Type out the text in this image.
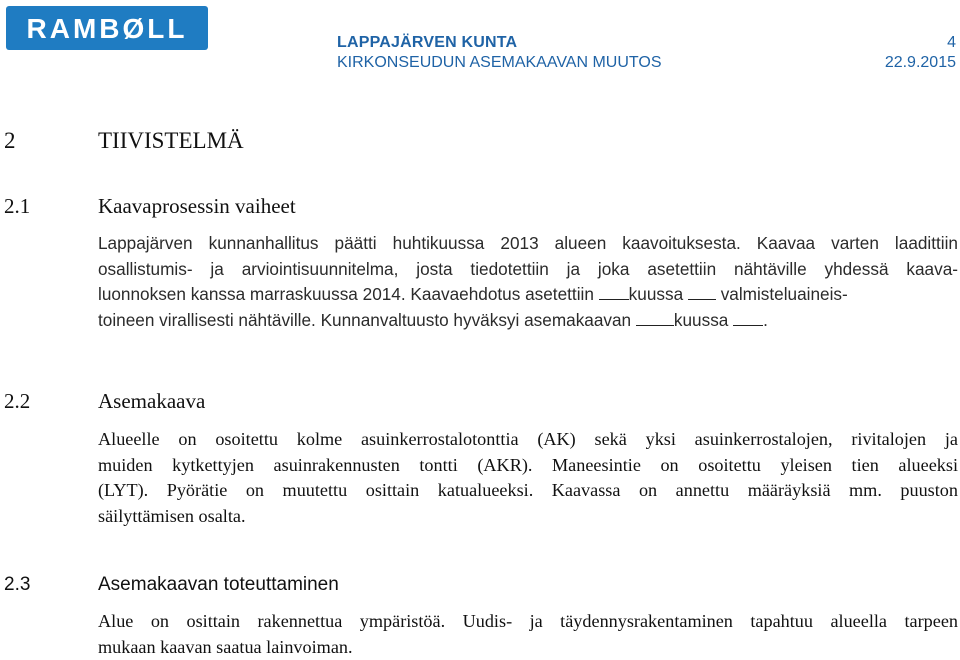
RAMBØLL	LAPPAJÄRVEN KUNTA
KIRKONSEUDUN ASEMAKAAVAN MUUTOS
4
22.9.2015
2	TIIVISTELMÄ
2.1	Kaavaprosessin vaiheet
Lappajärven kunnanhallitus päätti huhtikuussa 2013 alueen kaavoituksesta. Kaavaa varten laadittiin
osallistumis- ja arviointisuunnitelma, josta tiedotettiin ja joka asetettiin nähtäville yhdessä kaava-
luonnoksen kanssa marraskuussa 2014. Kaavaehdotus asetettiin kuussa valmisteluaineis-
toineen virallisesti nähtäville. Kunnanvaltuusto hyväksyi asemakaavan kuussa .
2.2	Asemakaava
Alueelle on osoitettu kolme asuinkerrostalotonttia (AK) sekä yksi asuinkerrostalojen, rivitalojen ja
muiden kytkettyjen asuinrakennusten tontti (AKR). Maneesintie on osoitettu yleisen tien alueeksi
(LYT). Pyörätie on muutettu osittain katualueeksi. Kaavassa on annettu määräyksiä mm. puuston
säilyttämisen osalta.
2.3	Asemakaavan toteuttaminen
Alue on osittain rakennettua ympäristöä. Uudis- ja täydennysrakentaminen tapahtuu alueella tarpeen
mukaan kaavan saatua lainvoiman.
